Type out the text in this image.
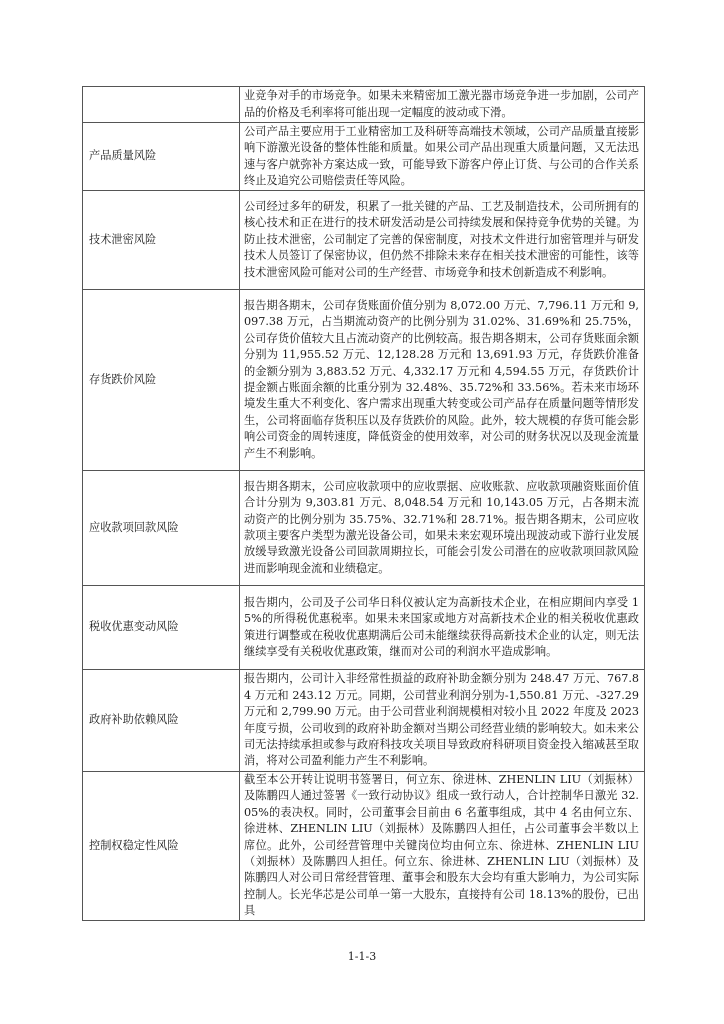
	业竞争对手的市场竞争。如果未来精密加工激光器市场竞争进一步加剧，公司产品的价格及毛利率将可能出现一定幅度的波动或下滑。
产品质量风险	公司产品主要应用于工业精密加工及科研等高端技术领域，公司产品质量直接影响下游激光设备的整体性能和质量。如果公司产品出现重大质量问题，又无法迅速与客户就弥补方案达成一致，可能导致下游客户停止订货、与公司的合作关系终止及追究公司赔偿责任等风险。
技术泄密风险	公司经过多年的研发，积累了一批关键的产品、工艺及制造技术，公司所拥有的核心技术和正在进行的技术研发活动是公司持续发展和保持竞争优势的关键。为防止技术泄密，公司制定了完善的保密制度，对技术文件进行加密管理并与研发技术人员签订了保密协议，但仍然不排除未来存在相关技术泄密的可能性，该等技术泄密风险可能对公司的生产经营、市场竞争和技术创新造成不利影响。
存货跌价风险	报告期各期末，公司存货账面价值分别为 8,072.00 万元、7,796.11 万元和 9,097.38 万元，占当期流动资产的比例分别为 31.02%、31.69%和 25.75%，公司存货价值较大且占流动资产的比例较高。报告期各期末，公司存货账面余额分别为 11,955.52 万元、12,128.28 万元和 13,691.93 万元，存货跌价准备的金额分别为 3,883.52 万元、4,332.17 万元和 4,594.55 万元，存货跌价计提金额占账面余额的比重分别为 32.48%、35.72%和 33.56%。若未来市场环境发生重大不利变化、客户需求出现重大转变或公司产品存在质量问题等情形发生，公司将面临存货积压以及存货跌价的风险。此外，较大规模的存货可能会影响公司资金的周转速度，降低资金的使用效率，对公司的财务状况以及现金流量产生不利影响。
应收款项回款风险	报告期各期末，公司应收款项中的应收票据、应收账款、应收款项融资账面价值合计分别为 9,303.81 万元、8,048.54 万元和 10,143.05 万元，占各期末流动资产的比例分别为 35.75%、32.71%和 28.71%。报告期各期末，公司应收款项主要客户类型为激光设备公司，如果未来宏观环境出现波动或下游行业发展放缓导致激光设备公司回款周期拉长，可能会引发公司潜在的应收款项回款风险进而影响现金流和业绩稳定。
税收优惠变动风险	报告期内，公司及子公司华日科仪被认定为高新技术企业，在相应期间内享受 15%的所得税优惠税率。如果未来国家或地方对高新技术企业的相关税收优惠政策进行调整或在税收优惠期满后公司未能继续获得高新技术企业的认定，则无法继续享受有关税收优惠政策，继而对公司的利润水平造成影响。
政府补助依赖风险	报告期内，公司计入非经常性损益的政府补助金额分别为 248.47 万元、767.84 万元和 243.12 万元。同期，公司营业利润分别为-1,550.81 万元、-327.29 万元和 2,799.90 万元。由于公司营业利润规模相对较小且 2022 年度及 2023 年度亏损，公司收到的政府补助金额对当期公司经营业绩的影响较大。如未来公司无法持续承担或参与政府科技攻关项目导致政府科研项目资金投入缩减甚至取消，将对公司盈利能力产生不利影响。
控制权稳定性风险	截至本公开转让说明书签署日，何立东、徐进林、ZHENLIN LIU（刘振林）及陈鹏四人通过签署《一致行动协议》组成一致行动人，合计控制华日激光 32.05%的表决权。同时，公司董事会目前由 6 名董事组成，其中 4 名由何立东、徐进林、ZHENLIN LIU（刘振林）及陈鹏四人担任，占公司董事会半数以上席位。此外，公司经营管理中关键岗位均由何立东、徐进林、ZHENLIN LIU（刘振林）及陈鹏四人担任。何立东、徐进林、ZHENLIN LIU（刘振林）及陈鹏四人对公司日常经营管理、董事会和股东大会均有重大影响力，为公司实际控制人。长光华芯是公司单一第一大股东，直接持有公司 18.13%的股份，已出具
1-1-3
